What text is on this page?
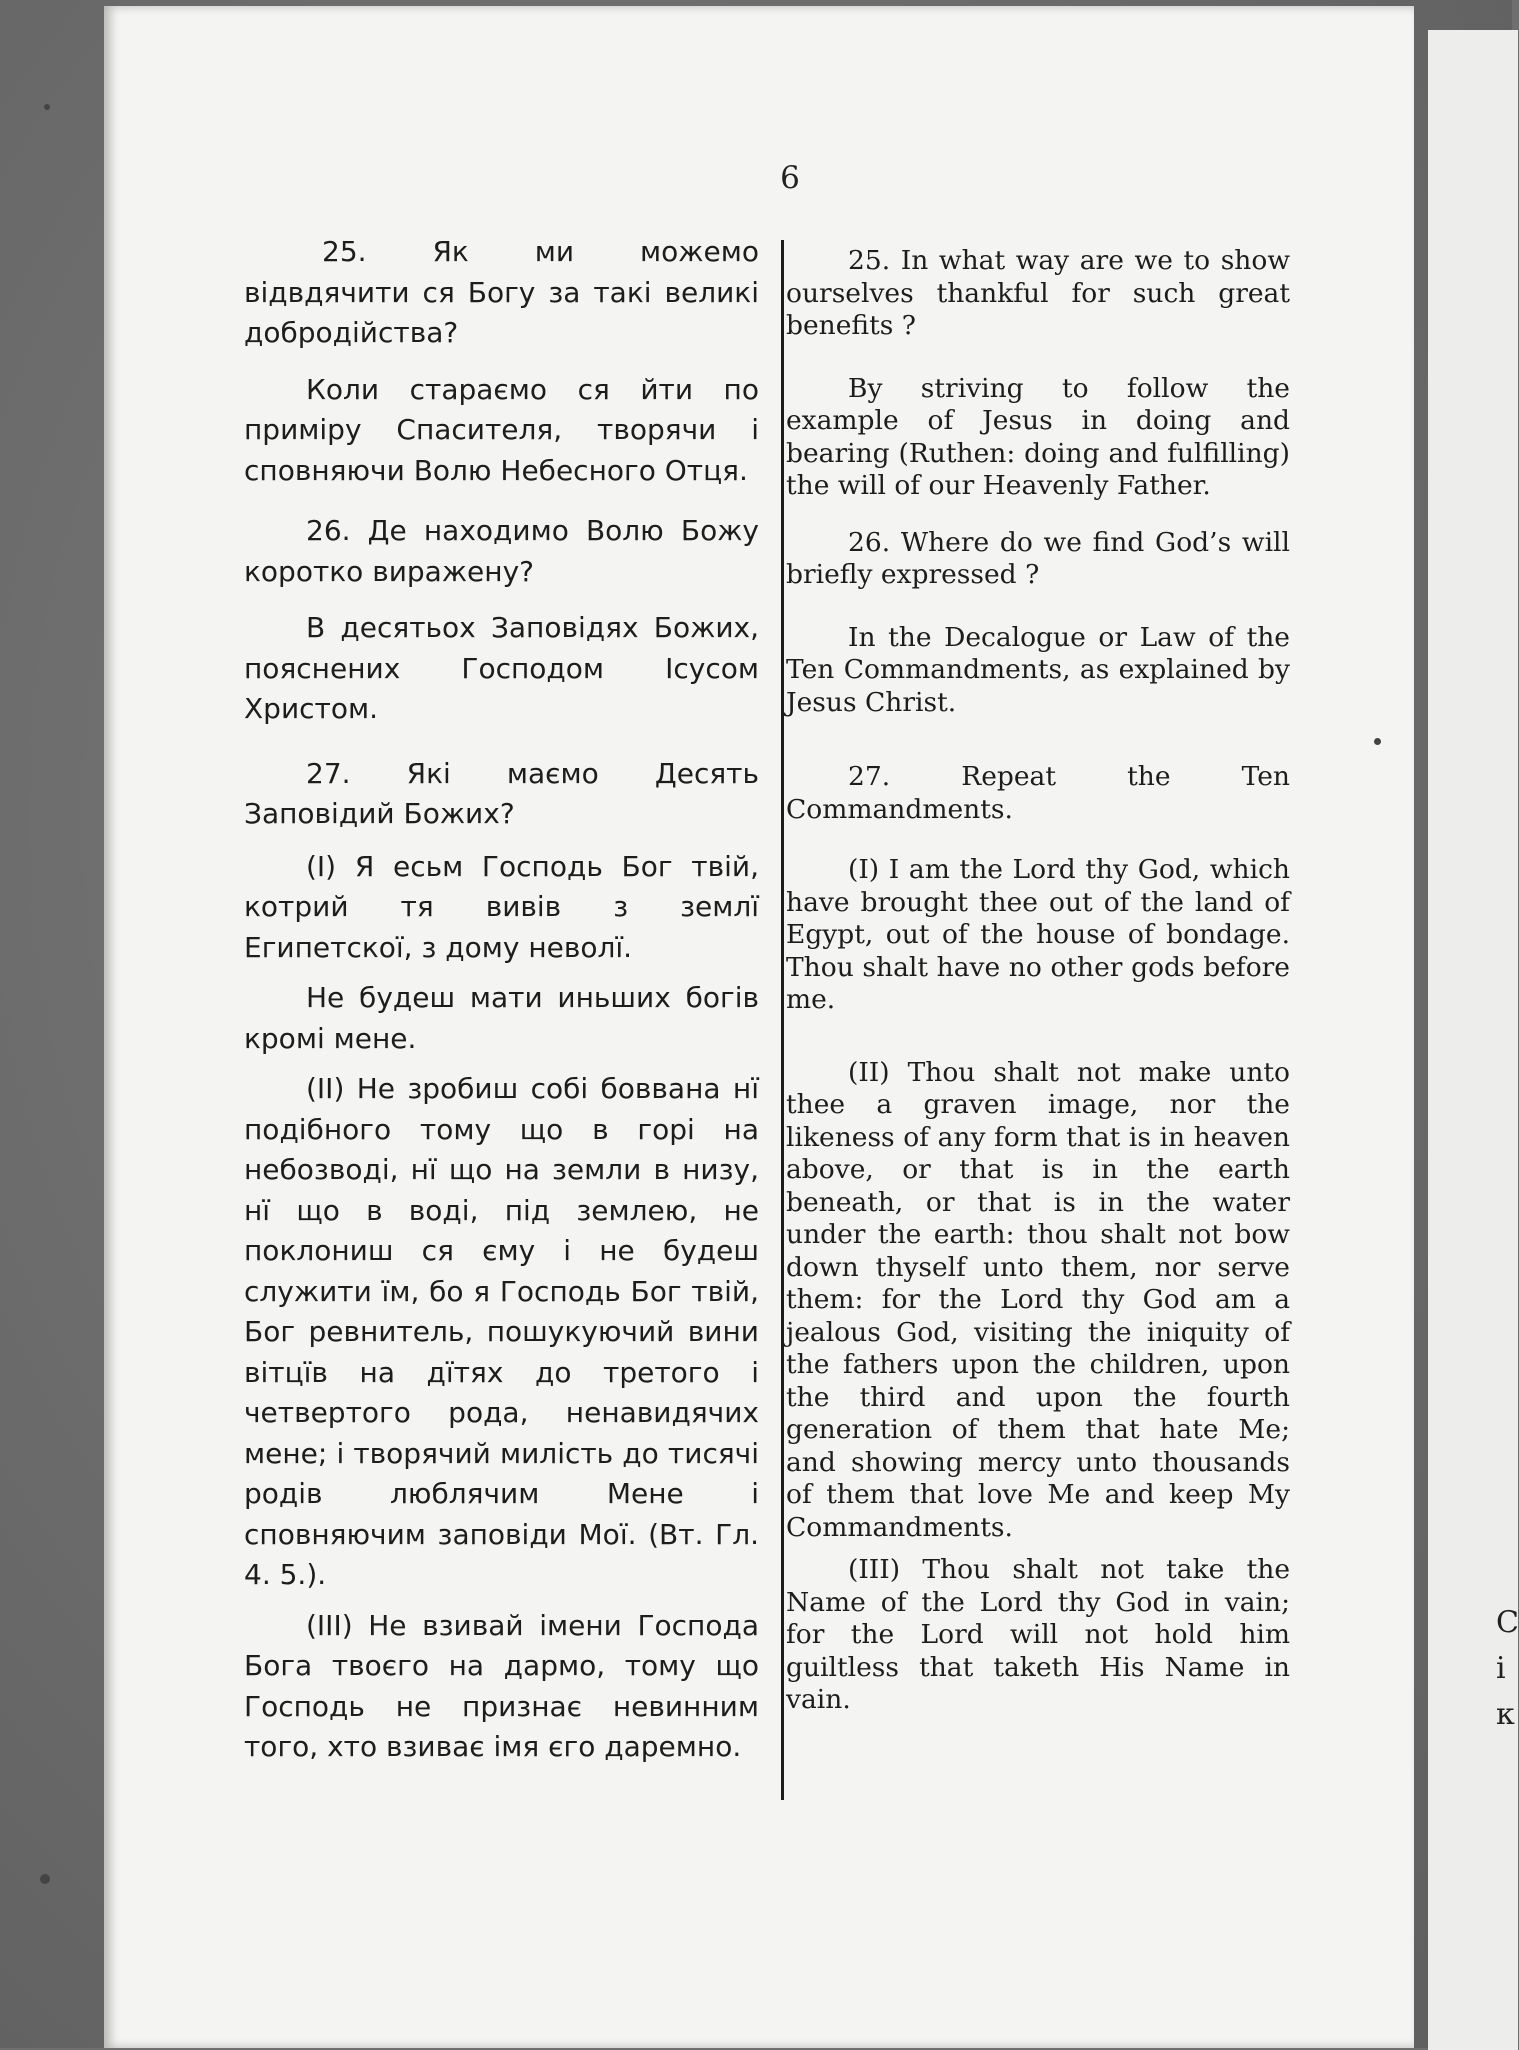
С
і
к
6

25. Як ми можемо відвдячити ся Богу за такі великі добродійства?

Коли стараємо ся йти по приміру Спасителя, творячи і сповняючи Волю Небесного Отця.

26. Де находимо Волю Божу коротко виражену?

В десятьох Заповідях Божих, пояснених Господом Ісусом Христом.

27. Які маємо Десять Заповідий Божих?

(I) Я есьм Господь Бог твій, котрий тя вивів з землї Египетскої, з дому неволї.

Не будеш мати иньших богів кромі мене.

(II) Не зробиш собі боввана нї подібного тому що в горі на небозводі, нї що на земли в низу, нї що в воді, під землею, не поклониш ся єму і не будеш служити їм, бо я Господь Бог твій, Бог ревнитель, пошукуючий вини вітцїв на дїтях до третого і четвертого рода, ненавидячих мене; і творячий милість до тисячі родів люблячим Мене і сповняючим заповіди Мої. (Вт. Гл. 4. 5.).

(III) Не взивай імени Господа Бога твоєго на дармо, тому що Господь не признає невинним того, хто взиває імя єго даремно.

25. In what way are we to show ourselves thankful for such great benefits ?

By striving to follow the example of Jesus in doing and bearing (Ruthen: doing and fulfilling) the will of our Heavenly Father.

26. Where do we find God’s will briefly expressed ?

In the Decalogue or Law of the Ten Commandments, as explained by Jesus Christ.

27. Repeat the Ten Commandments.

(I) I am the Lord thy God, which have brought thee out of the land of Egypt, out of the house of bondage. Thou shalt have no other gods before me.

(II) Thou shalt not make unto thee a graven image, nor the likeness of any form that is in heaven above, or that is in the earth beneath, or that is in the water under the earth: thou shalt not bow down thyself unto them, nor serve them: for the Lord thy God am a jealous God, visiting the iniquity of the fathers upon the children, upon the third and upon the fourth generation of them that hate Me; and showing mercy unto thousands of them that love Me and keep My Commandments.

(III) Thou shalt not take the Name of the Lord thy God in vain; for the Lord will not hold him guiltless that taketh His Name in vain.
